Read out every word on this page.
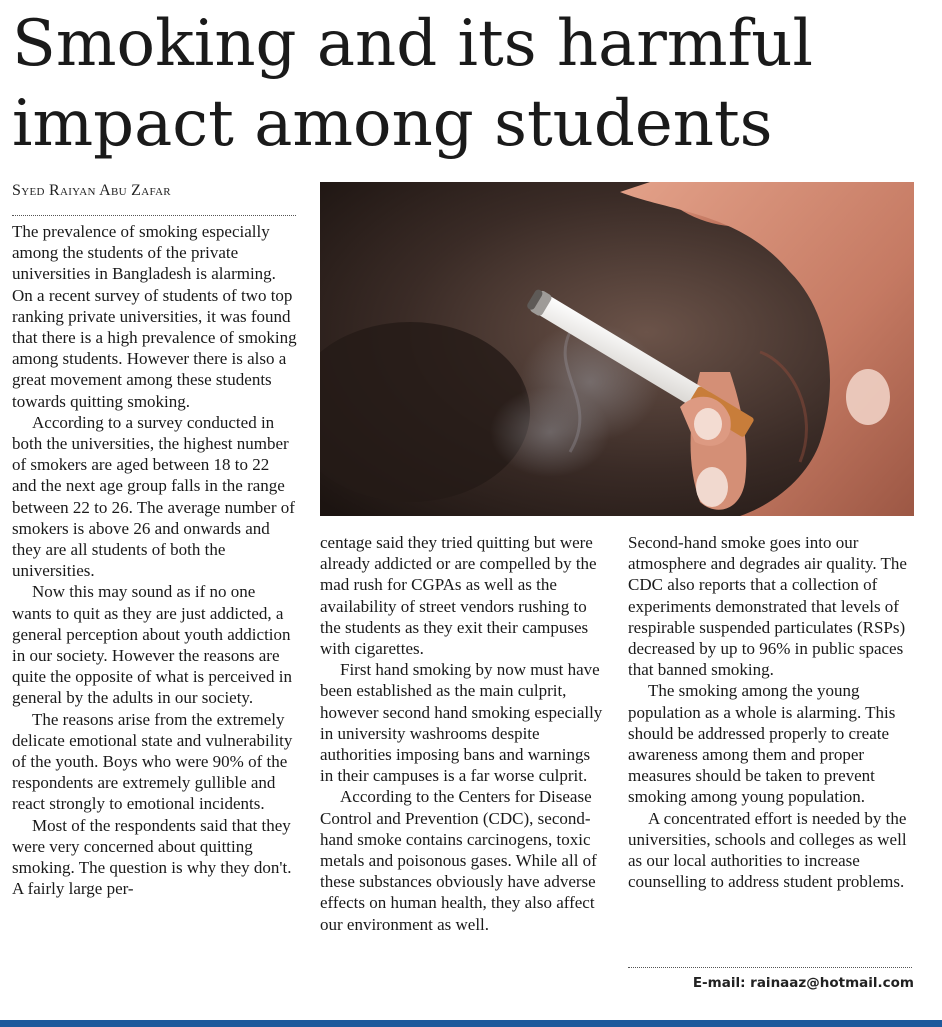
Smoking and its harmful
impact among students
Syed Raiyan Abu Zafar

The prevalence of smoking especially among the students of the private universities in Bangladesh is alarming. On a recent survey of students of two top ranking private universities, it was found that there is a high prevalence of smoking among students. However there is also a great movement among these students towards quitting smoking.

According to a survey conducted in both the universities, the highest number of smokers are aged between 18 to 22 and the next age group falls in the range between 22 to 26. The average number of smokers is above 26 and onwards and they are all students of both the universities.

Now this may sound as if no one wants to quit as they are just addicted, a general perception about youth addiction in our society. However the reasons are quite the opposite of what is perceived in general by the adults in our society.

The reasons arise from the extremely delicate emotional state and vulnerability of the youth. Boys who were 90% of the respondents are extremely gullible and react strongly to emotional incidents.

Most of the respondents said that they were very concerned about quitting smoking. The question is why they don't. A fairly large per-

centage said they tried quitting but were already addicted or are compelled by the mad rush for CGPAs as well as the availability of street vendors rushing to the students as they exit their campuses with cigarettes.

First hand smoking by now must have been established as the main culprit, however second hand smoking especially in university washrooms despite authorities imposing bans and warnings in their campuses is a far worse culprit.

According to the Centers for Disease Control and Prevention (CDC), second-hand smoke contains carcinogens, toxic metals and poisonous gases. While all of these substances obviously have adverse effects on human health, they also affect our environment as well.

Second-hand smoke goes into our atmosphere and degrades air quality. The CDC also reports that a collection of experiments demonstrated that levels of respirable suspended particulates (RSPs) decreased by up to 96% in public spaces that banned smoking.

The smoking among the young population as a whole is alarming. This should be addressed properly to create awareness among them and proper measures should be taken to prevent smoking among young population.

A concentrated effort is needed by the universities, schools and colleges as well as our local authorities to increase counselling to address student problems.

E-mail: rainaaz@hotmail.com
